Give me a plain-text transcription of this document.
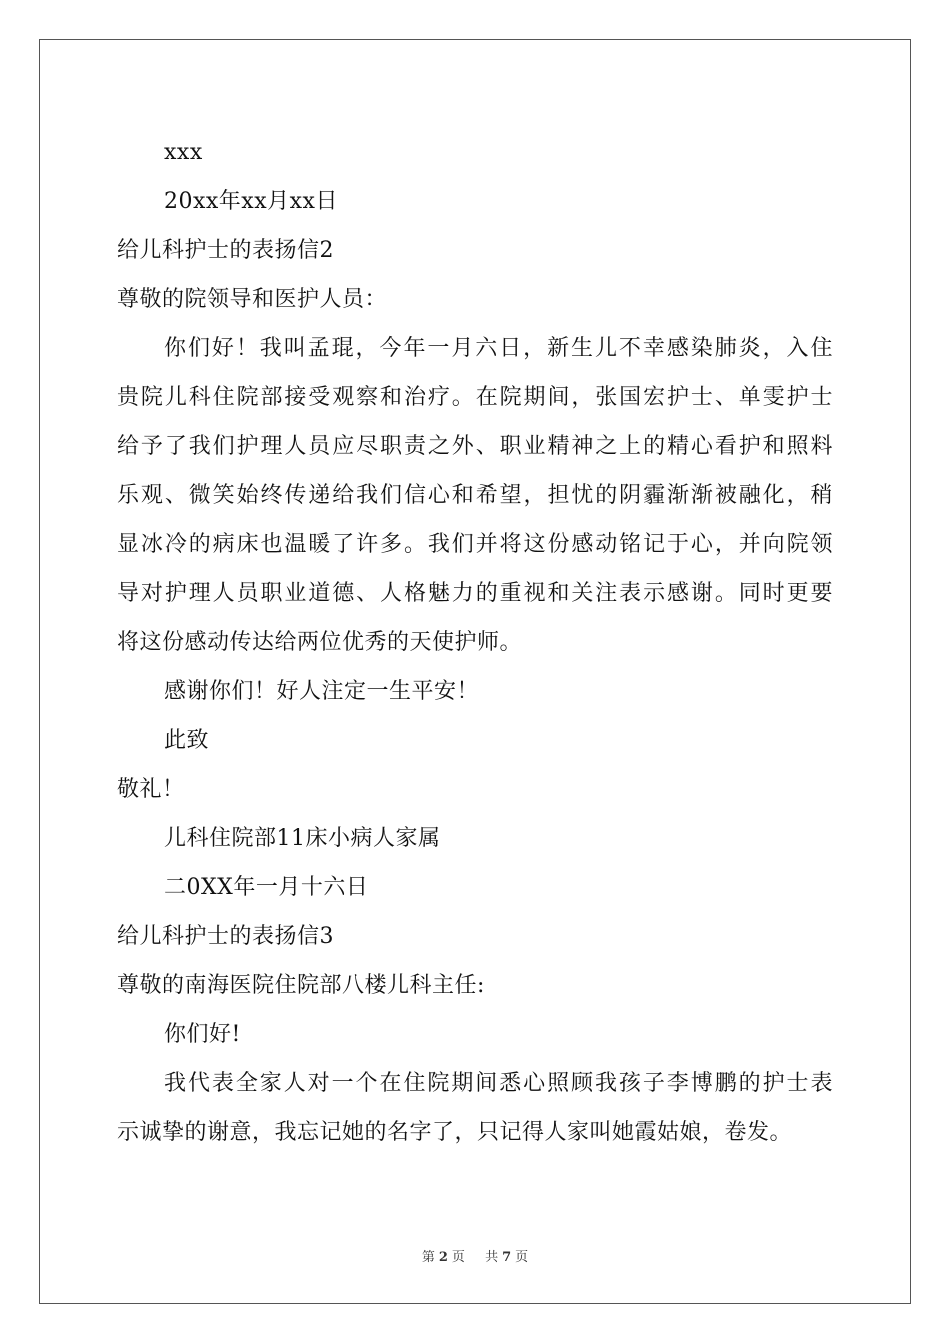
xxx
20xx年xx月xx日
给儿科护士的表扬信2
尊敬的院领导和医护人员：
你们好！我叫孟琨，今年一月六日，新生儿不幸感染肺炎，入住
贵院儿科住院部接受观察和治疗。在院期间，张国宏护士、单雯护士
给予了我们护理人员应尽职责之外、职业精神之上的精心看护和照料
乐观、微笑始终传递给我们信心和希望，担忧的阴霾渐渐被融化，稍
显冰冷的病床也温暖了许多。我们并将这份感动铭记于心，并向院领
导对护理人员职业道德、人格魅力的重视和关注表示感谢。同时更要
将这份感动传达给两位优秀的天使护师。
感谢你们！好人注定一生平安！
此致
敬礼！
儿科住院部11床小病人家属
二0XX年一月十六日
给儿科护士的表扬信3
尊敬的南海医院住院部八楼儿科主任:
你们好!
我代表全家人对一个在住院期间悉心照顾我孩子李博鹏的护士表
示诚挚的谢意，我忘记她的名字了，只记得人家叫她霞姑娘，卷发。
第 2 页 共 7 页
